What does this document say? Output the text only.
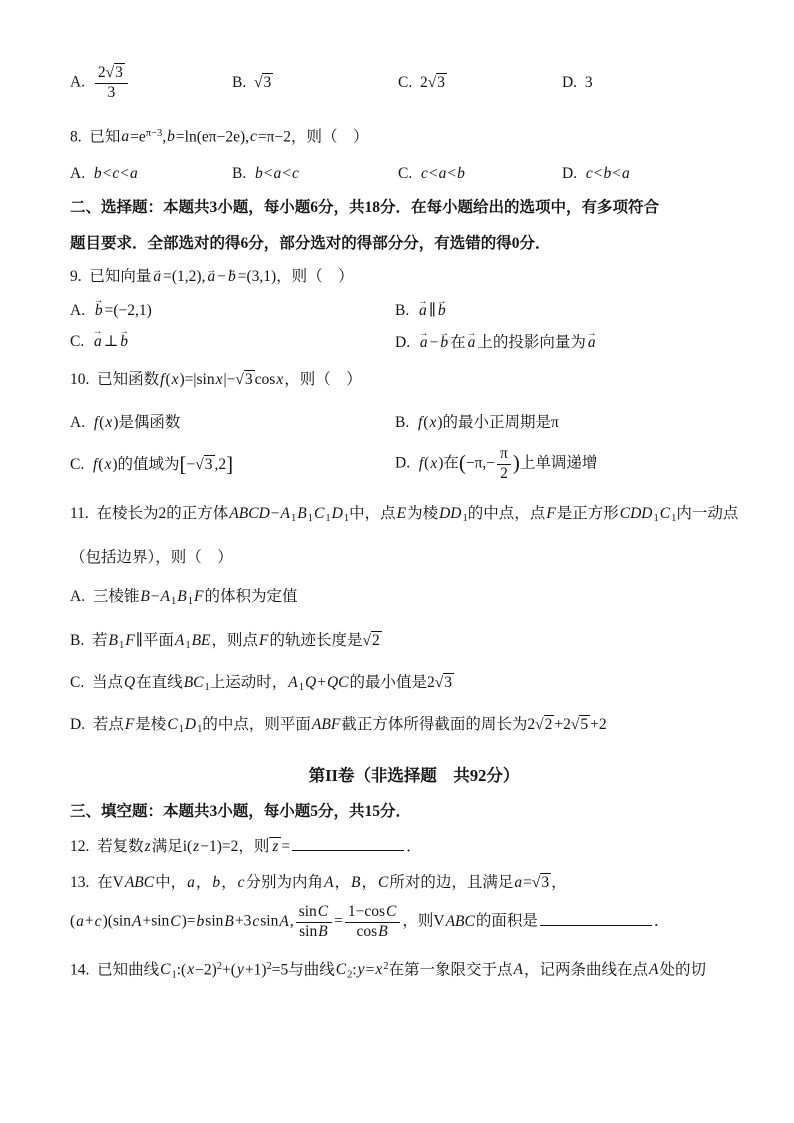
A.  $\frac{2√3}{3}$	B. √3	C. 2√3	D. 3

8. 已知$a=e^{\pi-3},b=\ln(e\pi-2e),c=\pi-2$，则（  ）

A. b<c<a	B. b<a<c	C. c<a<b	D. c<b<a

二、选择题：本题共3小题，每小题6分，共18分．在每小题给出的选项中，有多项符合

题目要求．全部选对的得6分，部分选对的得部分分，有选错的得0分．

9. 已知向量 → a =(1,2), → a − → b =(3,1)，则（  ）

A. → b =(−2,1)	B. → a ∥ → b
C. → a ⊥ → b	D. → a − → b 在 → a 上的投影向量为 → a

10. 已知函数f(x)=|sinx|−√3 cosx，则（  ）

A. f(x)是偶函数	B. f(x)的最小正周期是π
C. f(x)的值域为[−√3 ,2]	D. f(x)在($-\pi,- \frac{\pi}{2}$ )上单调递增

11. 在棱长为2的正方体$ABCD-A_1B_1C_1D_1$中，点E为棱$DD_1$的中点，点F是正方形$CDD_1C_1$内一动点

（包括边界），则（  ）

A. 三棱锥$B-A_1B_1F$的体积为定值

B. 若$B_1F\parallel$平面$A_1BE$，则点F的轨迹长度是√2

C. 当点Q在直线$BC_1$上运动时，$A_1Q+QC$的最小值是2√3

D. 若点F是棱$C_1D_1$的中点，则平面ABF截正方体所得截面的周长为2√2 +2√5 +2

第II卷（非选择题 共92分）

三、填空题：本题共3小题，每小题5分，共15分．

12. 若复数z满足i(z−1)=2，则 z =	．

13. 在VABC中，a，b，c分别为内角A，B，C所对的边，且满足a=√3 ，

(a+c)(sinA+sinC)=bsinB+3csinA, $\frac{\sin C}{\sin B} = \frac{1-\cos C}{\cos B}$ ，则VABC的面积是	．

14. 已知曲线$C_1:(x-2)^2+(y+1)^2=5$与曲线$C_2:y=x^2$在第一象限交于点A，记两条曲线在点A处的切
